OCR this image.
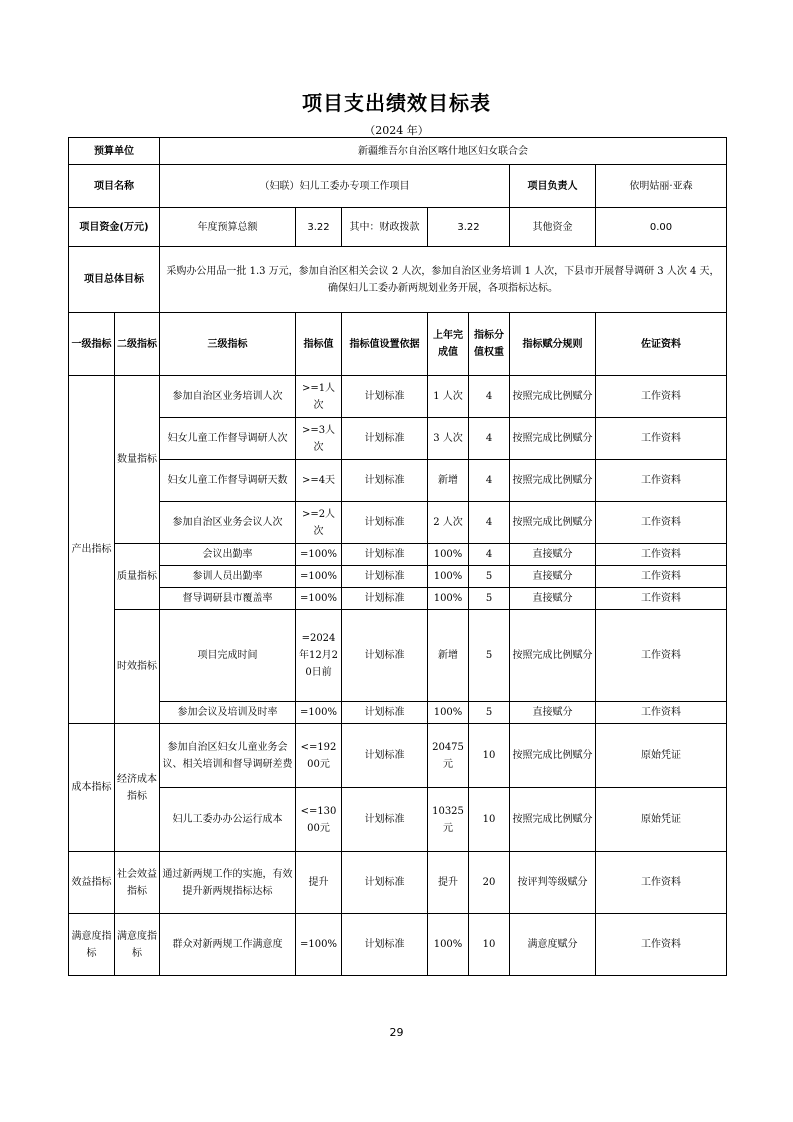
项目支出绩效目标表
（2024 年）
预算单位		新疆维吾尔自治区喀什地区妇女联合会						
项目名称		（妇联）妇儿工委办专项工作项目					项目负责人	依明姑丽·亚森
项目资金(万元)		年度预算总额	3.22	其中：财政拨款	3.22		其他资金	0.00
项目总体目标		采购办公用品一批 1.3 万元，参加自治区相关会议 2 人次，参加自治区业务培训 1 人次，下县市开展督导调研 3 人次 4 天，确保妇儿工委办新两规划业务开展，各项指标达标。						
一级指标	二级指标	三级指标	指标值	指标值设置依据	上年完成值	指标分值权重	指标赋分规则	佐证资料
产出指标	数量指标	参加自治区业务培训人次	>=1人次	计划标准	1 人次	4	按照完成比例赋分	工作资料
		妇女儿童工作督导调研人次	>=3人次	计划标准	3 人次	4	按照完成比例赋分	工作资料
		妇女儿童工作督导调研天数	>=4天	计划标准	新增	4	按照完成比例赋分	工作资料
		参加自治区业务会议人次	>=2人次	计划标准	2 人次	4	按照完成比例赋分	工作资料
	质量指标	会议出勤率	=100%	计划标准	100%	4	直接赋分	工作资料
		参训人员出勤率	=100%	计划标准	100%	5	直接赋分	工作资料
		督导调研县市覆盖率	=100%	计划标准	100%	5	直接赋分	工作资料
	时效指标	项目完成时间	=2024年12月20日前	计划标准	新增	5	按照完成比例赋分	工作资料
		参加会议及培训及时率	=100%	计划标准	100%	5	直接赋分	工作资料
成本指标	经济成本指标	参加自治区妇女儿童业务会议、相关培训和督导调研差费	<=19200元	计划标准	20475元	10	按照完成比例赋分	原始凭证
		妇儿工委办办公运行成本	<=13000元	计划标准	10325元	10	按照完成比例赋分	原始凭证
效益指标	社会效益指标	通过新两规工作的实施，有效提升新两规指标达标	提升	计划标准	提升	20	按评判等级赋分	工作资料
满意度指标	满意度指标	群众对新两规工作满意度	=100%	计划标准	100%	10	满意度赋分	工作资料
29
